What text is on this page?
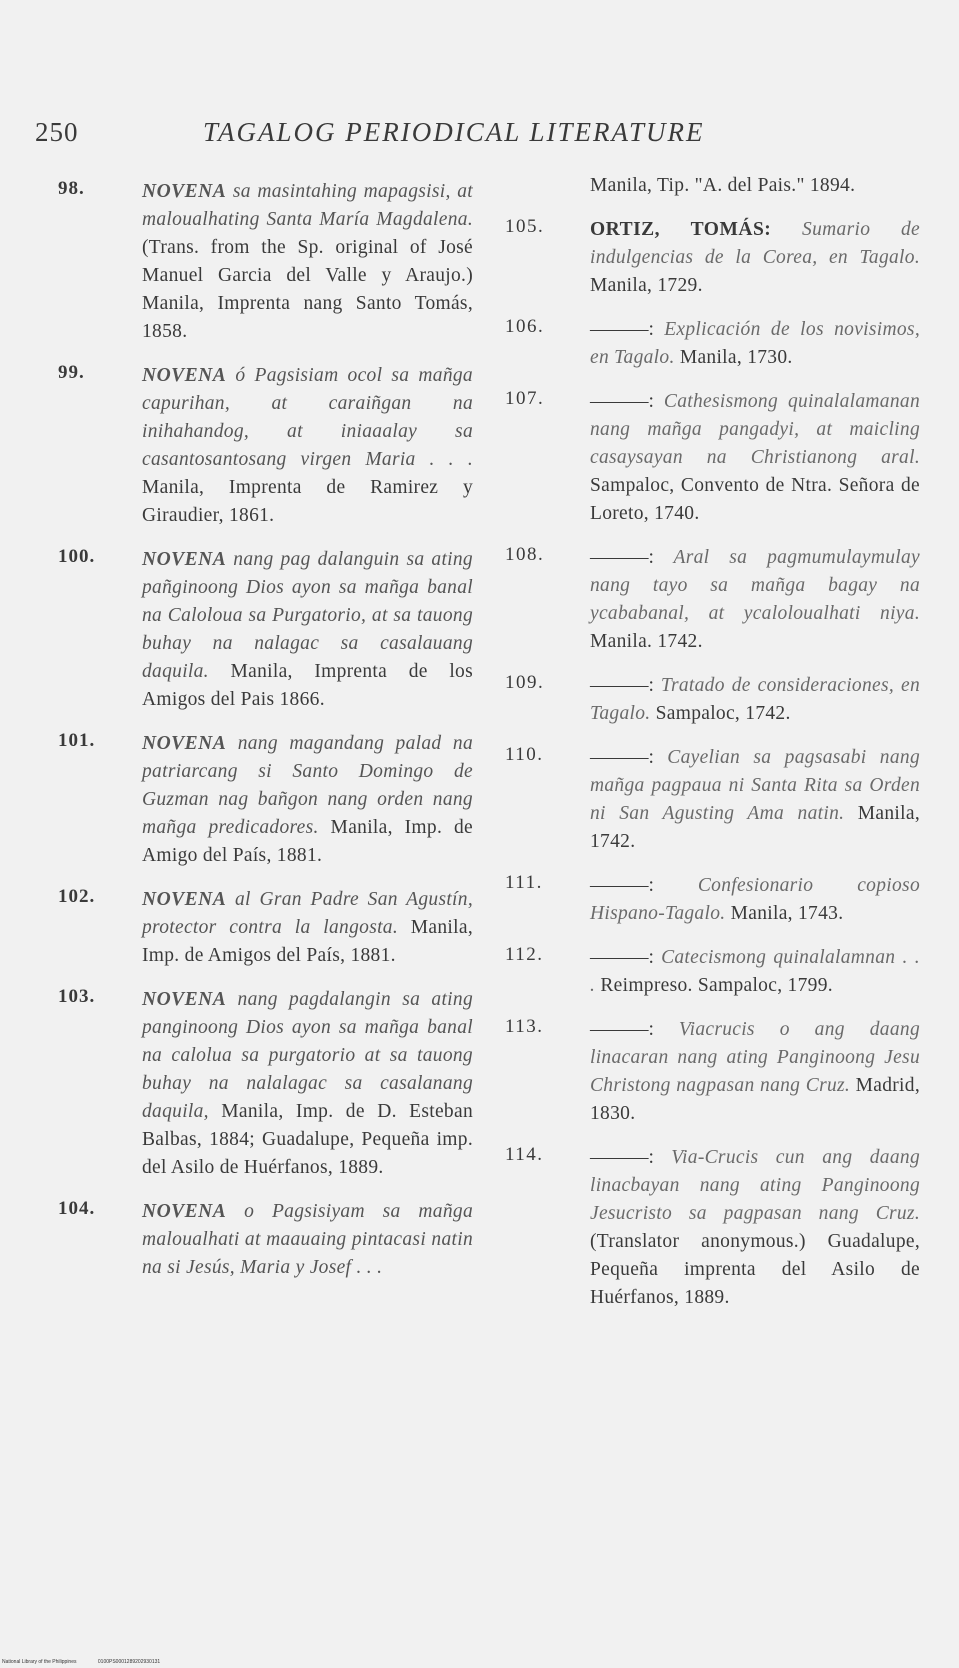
250	TAGALOG PERIODICAL LITERATURE
98.	NOVENA sa masintahing mapagsisi, at maloualhating Santa María Magdalena. (Trans. from the Sp. original of José Manuel Garcia del Valle y Araujo.) Manila, Imprenta nang Santo Tomás, 1858.
99.	NOVENA ó Pagsisiam ocol sa mañga capurihan, at caraiñgan na inihahandog, at iniaaalay sa casantosantosang virgen Maria . . . Manila, Imprenta de Ramirez y Giraudier, 1861.
100.	NOVENA nang pag dalanguin sa ating pañginoong Dios ayon sa mañga banal na Caloloua sa Purgatorio, at sa tauong buhay na nalagac sa casalauang daquila. Manila, Imprenta de los Amigos del Pais 1866.
101.	NOVENA nang magandang palad na patriarcang si Santo Domingo de Guzman nag bañgon nang orden nang mañga predicadores. Manila, Imp. de Amigo del País, 1881.
102.	NOVENA al Gran Padre San Agustín, protector contra la langosta. Manila, Imp. de Amigos del País, 1881.
103.	NOVENA nang pagdalangin sa ating panginoong Dios ayon sa mañga banal na calolua sa purgatorio at sa tauong buhay na nalalagac sa casalanang daquila, Manila, Imp. de D. Esteban Balbas, 1884; Guadalupe, Pequeña imp. del Asilo de Huérfanos, 1889.
104.	NOVENA o Pagsisiyam sa mañga maloualhati at maauaing pintacasi natin na si Jesús, Maria y Josef . . .
Manila, Tip. "A. del Pais." 1894.
105.	ORTIZ, TOMÁS: Sumario de indulgencias de la Corea, en Tagalo. Manila, 1729.
106.	———: Explicación de los novisimos, en Tagalo. Manila, 1730.
107.	———: Cathesismong quinalalamanan nang mañga pangadyi, at maicling casaysayan na Christianong aral. Sampaloc, Convento de Ntra. Señora de Loreto, 1740.
108.	———: Aral sa pagmumulaymulay nang tayo sa mañga bagay na ycababanal, at ycaloloualhati niya. Manila. 1742.
109.	———: Tratado de consideraciones, en Tagalo. Sampaloc, 1742.
110.	———: Cayelian sa pagsasabi nang mañga pagpaua ni Santa Rita sa Orden ni San Agusting Ama natin. Manila, 1742.
111.	———: Confesionario copioso Hispano-Tagalo. Manila, 1743.
112.	———: Catecismong quinalalamnan . . . Reimpreso. Sampaloc, 1799.
113.	———: Viacrucis o ang daang linacaran nang ating Panginoong Jesu Christong nagpasan nang Cruz. Madrid, 1830.
114.	———: Via-Crucis cun ang daang linacbayan nang ating Panginoong Jesucristo sa pagpasan nang Cruz. (Translator anonymous.) Guadalupe, Pequeña imprenta del Asilo de Huérfanos, 1889.
National Library of the Philippines	0100PS0001289202930131
